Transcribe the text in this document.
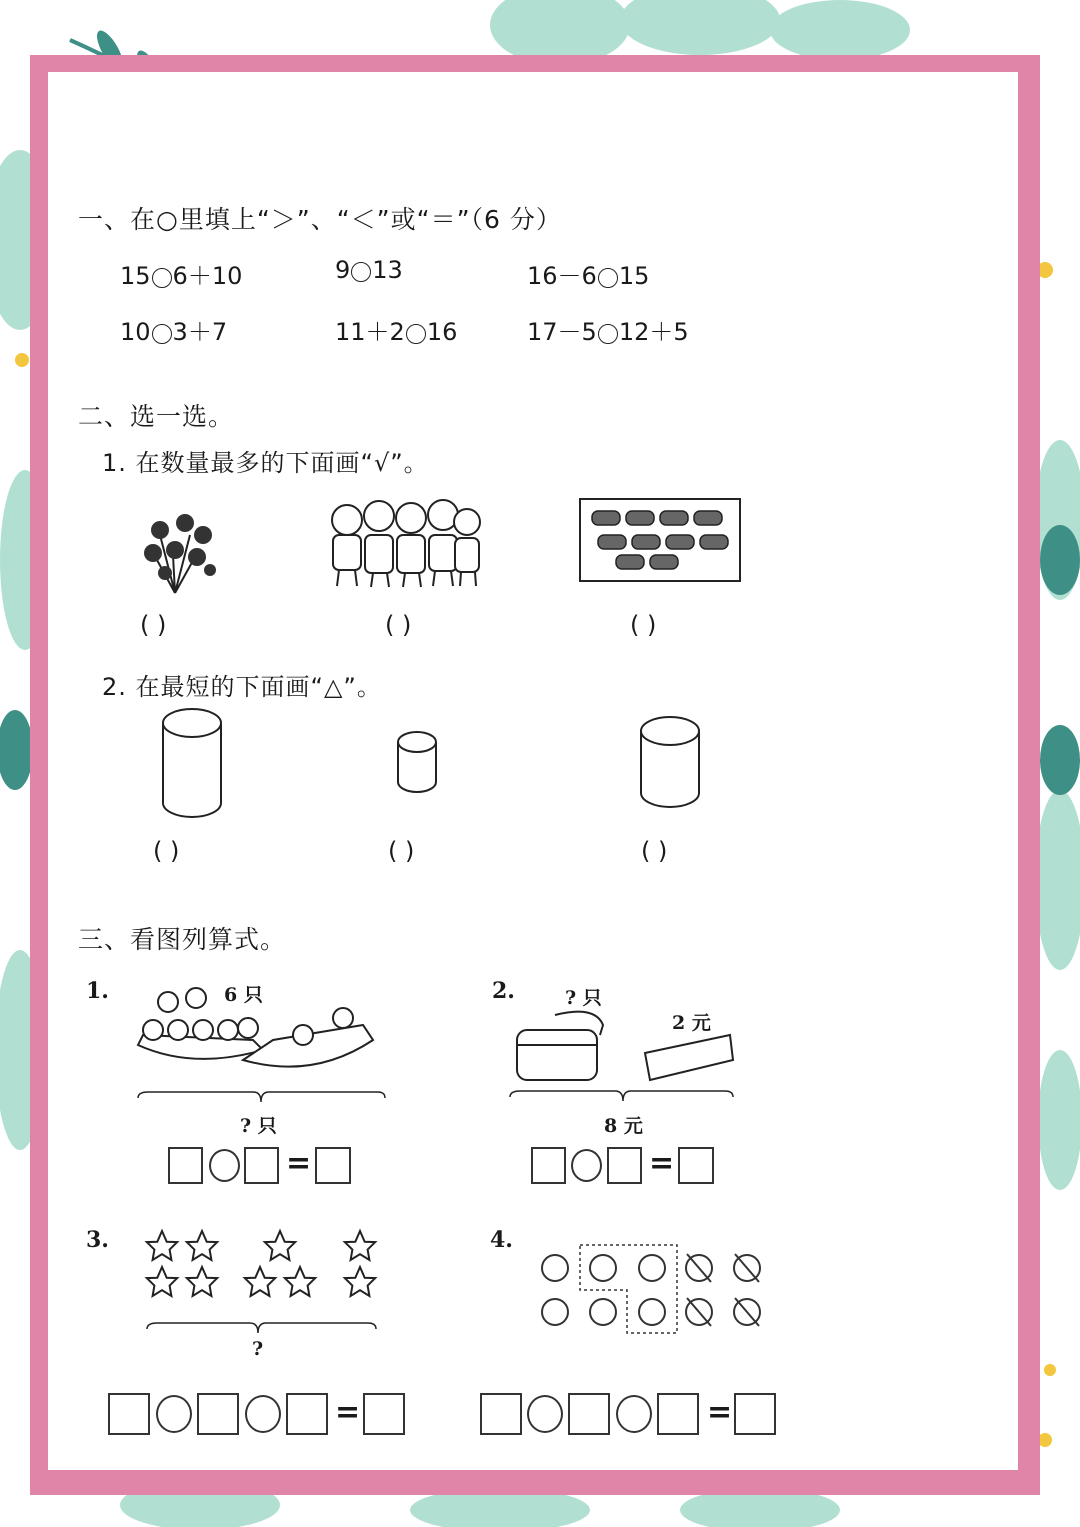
一、在○里填上“＞”、“＜”或“＝”（6 分）
15 6＋10	9 13	16－6 15
10 3＋7	11＋2 16	17－5 12＋5
二、选一选。
1. 在数量最多的下面画“√”。
( )	( )	( )
2. 在最短的下面画“△”。
( )	( )	( )
三、看图列算式。
1.	6 只
? 只
=
2.	? 只
2 元
8 元
=
3.
?
=
4.
=
